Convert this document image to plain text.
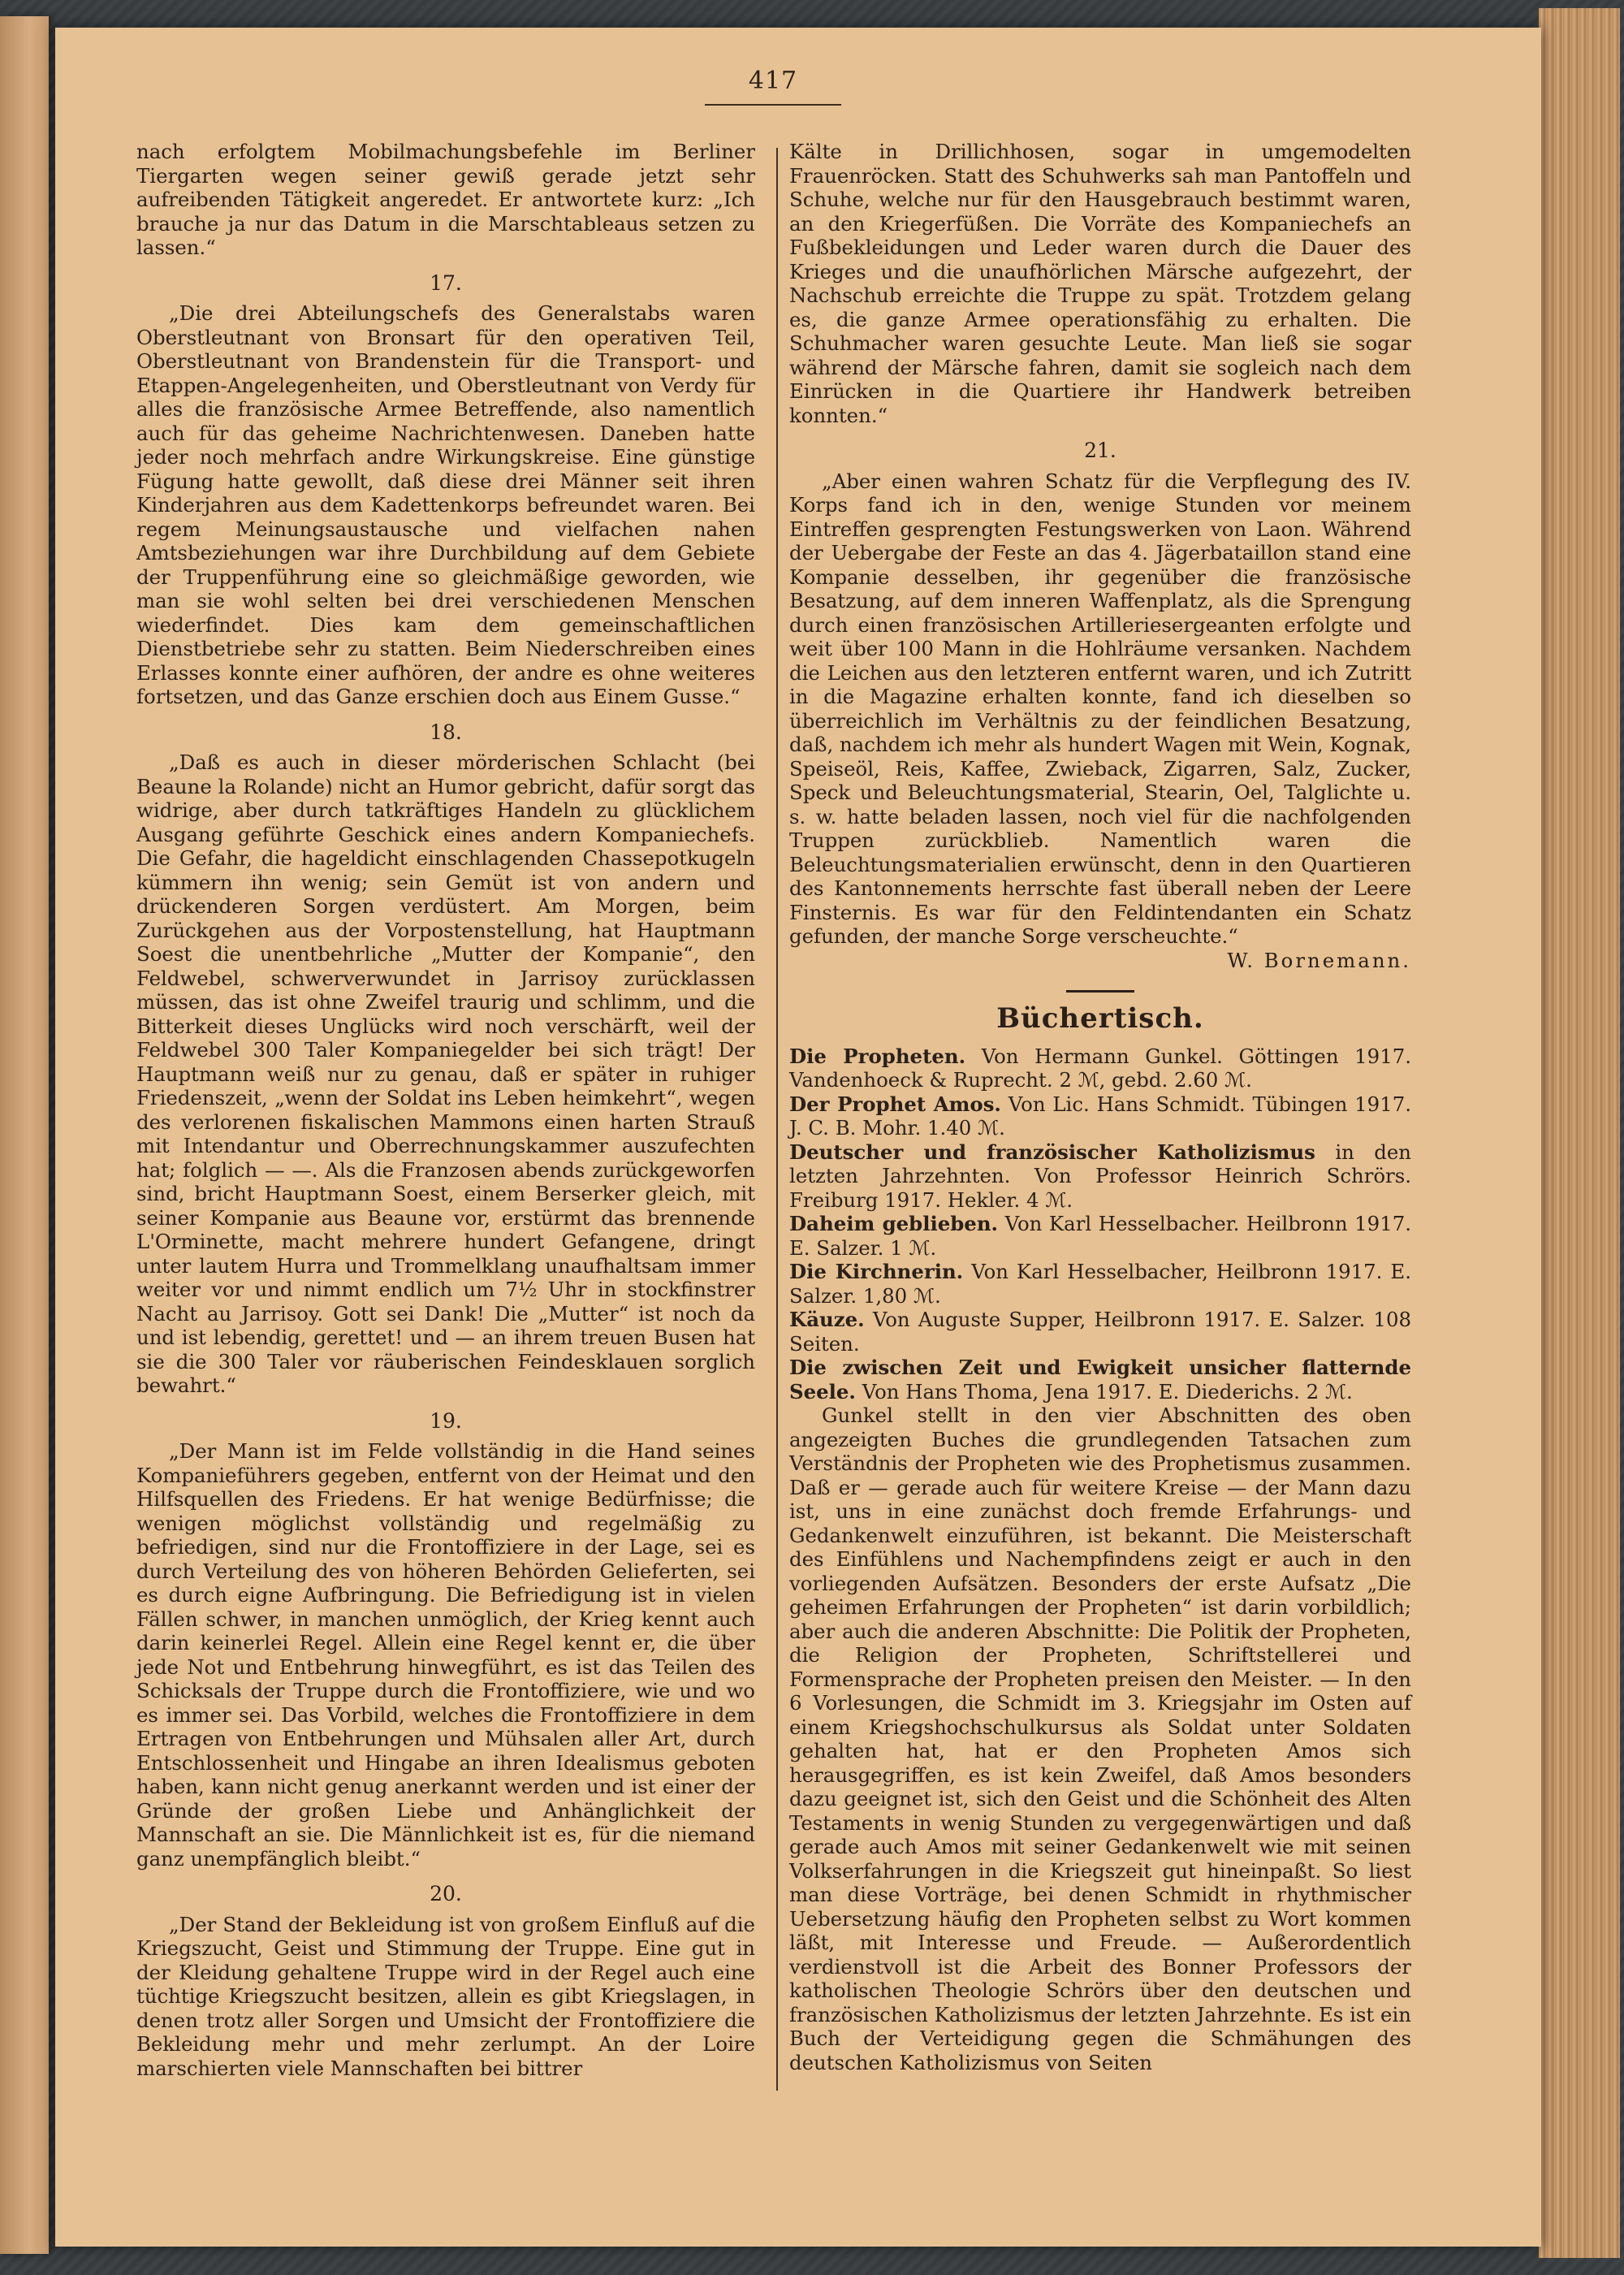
417

nach erfolgtem Mobilmachungsbefehle im Berliner Tiergarten wegen seiner gewiß gerade jetzt sehr aufreibenden Tätigkeit angeredet. Er antwortete kurz: „Ich brauche ja nur das Datum in die Marschtableaus setzen zu lassen.“

17.

„Die drei Abteilungschefs des Generalstabs waren Oberstleutnant von Bronsart für den operativen Teil, Oberstleutnant von Brandenstein für die Transport- und Etappen-Angelegenheiten, und Oberstleutnant von Verdy für alles die französische Armee Betreffende, also namentlich auch für das geheime Nachrichtenwesen. Daneben hatte jeder noch mehrfach andre Wirkungskreise. Eine günstige Fügung hatte gewollt, daß diese drei Männer seit ihren Kinderjahren aus dem Kadettenkorps befreundet waren. Bei regem Meinungsaustausche und vielfachen nahen Amtsbeziehungen war ihre Durchbildung auf dem Gebiete der Truppenführung eine so gleichmäßige geworden, wie man sie wohl selten bei drei verschiedenen Menschen wiederfindet. Dies kam dem gemeinschaftlichen Dienstbetriebe sehr zu statten. Beim Niederschreiben eines Erlasses konnte einer aufhören, der andre es ohne weiteres fortsetzen, und das Ganze erschien doch aus Einem Gusse.“

18.

„Daß es auch in dieser mörderischen Schlacht (bei Beaune la Rolande) nicht an Humor gebricht, dafür sorgt das widrige, aber durch tatkräftiges Handeln zu glücklichem Ausgang geführte Geschick eines andern Kompaniechefs. Die Gefahr, die hageldicht einschlagenden Chassepotkugeln kümmern ihn wenig; sein Gemüt ist von andern und drückenderen Sorgen verdüstert. Am Morgen, beim Zurückgehen aus der Vorpostenstellung, hat Hauptmann Soest die unentbehrliche „Mutter der Kompanie“, den Feldwebel, schwerverwundet in Jarrisoy zurücklassen müssen, das ist ohne Zweifel traurig und schlimm, und die Bitterkeit dieses Unglücks wird noch verschärft, weil der Feldwebel 300 Taler Kompaniegelder bei sich trägt! Der Hauptmann weiß nur zu genau, daß er später in ruhiger Friedenszeit, „wenn der Soldat ins Leben heimkehrt“, wegen des verlorenen fiskalischen Mammons einen harten Strauß mit Intendantur und Oberrechnungskammer auszufechten hat; folglich — —. Als die Franzosen abends zurückgeworfen sind, bricht Hauptmann Soest, einem Berserker gleich, mit seiner Kompanie aus Beaune vor, erstürmt das brennende L'Orminette, macht mehrere hundert Gefangene, dringt unter lautem Hurra und Trommelklang unaufhaltsam immer weiter vor und nimmt endlich um 7½ Uhr in stockfinstrer Nacht au Jarrisoy. Gott sei Dank! Die „Mutter“ ist noch da und ist lebendig, gerettet! und — an ihrem treuen Busen hat sie die 300 Taler vor räuberischen Feindesklauen sorglich bewahrt.“

19.

„Der Mann ist im Felde vollständig in die Hand seines Kompanieführers gegeben, entfernt von der Heimat und den Hilfsquellen des Friedens. Er hat wenige Bedürfnisse; die wenigen möglichst vollständig und regelmäßig zu befriedigen, sind nur die Frontoffiziere in der Lage, sei es durch Verteilung des von höheren Behörden Gelieferten, sei es durch eigne Aufbringung. Die Befriedigung ist in vielen Fällen schwer, in manchen unmöglich, der Krieg kennt auch darin keinerlei Regel. Allein eine Regel kennt er, die über jede Not und Entbehrung hinwegführt, es ist das Teilen des Schicksals der Truppe durch die Frontoffiziere, wie und wo es immer sei. Das Vorbild, welches die Frontoffiziere in dem Ertragen von Entbehrungen und Mühsalen aller Art, durch Entschlossenheit und Hingabe an ihren Idealismus geboten haben, kann nicht genug anerkannt werden und ist einer der Gründe der großen Liebe und Anhänglichkeit der Mannschaft an sie. Die Männlichkeit ist es, für die niemand ganz unempfänglich bleibt.“

20.

„Der Stand der Bekleidung ist von großem Einfluß auf die Kriegszucht, Geist und Stimmung der Truppe. Eine gut in der Kleidung gehaltene Truppe wird in der Regel auch eine tüchtige Kriegszucht besitzen, allein es gibt Kriegslagen, in denen trotz aller Sorgen und Umsicht der Frontoffiziere die Bekleidung mehr und mehr zerlumpt. An der Loire marschierten viele Mannschaften bei bittrer

Kälte in Drillichhosen, sogar in umgemodelten Frauenröcken. Statt des Schuhwerks sah man Pantoffeln und Schuhe, welche nur für den Hausgebrauch bestimmt waren, an den Kriegerfüßen. Die Vorräte des Kompaniechefs an Fußbekleidungen und Leder waren durch die Dauer des Krieges und die unaufhörlichen Märsche aufgezehrt, der Nachschub erreichte die Truppe zu spät. Trotzdem gelang es, die ganze Armee operationsfähig zu erhalten. Die Schuhmacher waren gesuchte Leute. Man ließ sie sogar während der Märsche fahren, damit sie sogleich nach dem Einrücken in die Quartiere ihr Handwerk betreiben konnten.“

21.

„Aber einen wahren Schatz für die Verpflegung des IV. Korps fand ich in den, wenige Stunden vor meinem Eintreffen gesprengten Festungswerken von Laon. Während der Uebergabe der Feste an das 4. Jägerbataillon stand eine Kompanie desselben, ihr gegenüber die französische Besatzung, auf dem inneren Waffenplatz, als die Sprengung durch einen französischen Artilleriesergeanten erfolgte und weit über 100 Mann in die Hohlräume versanken. Nachdem die Leichen aus den letzteren entfernt waren, und ich Zutritt in die Magazine erhalten konnte, fand ich dieselben so überreichlich im Verhältnis zu der feindlichen Besatzung, daß, nachdem ich mehr als hundert Wagen mit Wein, Kognak, Speiseöl, Reis, Kaffee, Zwieback, Zigarren, Salz, Zucker, Speck und Beleuchtungsmaterial, Stearin, Oel, Talglichte u. s. w. hatte beladen lassen, noch viel für die nachfolgenden Truppen zurückblieb. Namentlich waren die Beleuchtungsmaterialien erwünscht, denn in den Quartieren des Kantonnements herrschte fast überall neben der Leere Finsternis. Es war für den Feldintendanten ein Schatz gefunden, der manche Sorge verscheuchte.“

W. Bornemann.
Büchertisch.

Die Propheten. Von Hermann Gunkel. Göttingen 1917. Vandenhoeck & Ruprecht. 2 ℳ, gebd. 2.60 ℳ.

Der Prophet Amos. Von Lic. Hans Schmidt. Tübingen 1917. J. C. B. Mohr. 1.40 ℳ.

Deutscher und französischer Katholizismus in den letzten Jahrzehnten. Von Professor Heinrich Schrörs. Freiburg 1917. Hekler. 4 ℳ.

Daheim geblieben. Von Karl Hesselbacher. Heilbronn 1917. E. Salzer. 1 ℳ.

Die Kirchnerin. Von Karl Hesselbacher, Heilbronn 1917. E. Salzer. 1,80 ℳ.

Käuze. Von Auguste Supper, Heilbronn 1917. E. Salzer. 108 Seiten.

Die zwischen Zeit und Ewigkeit unsicher flatternde Seele. Von Hans Thoma, Jena 1917. E. Diederichs. 2 ℳ.

Gunkel stellt in den vier Abschnitten des oben angezeigten Buches die grundlegenden Tatsachen zum Verständnis der Propheten wie des Prophetismus zusammen. Daß er — gerade auch für weitere Kreise — der Mann dazu ist, uns in eine zunächst doch fremde Erfahrungs- und Gedankenwelt einzuführen, ist bekannt. Die Meisterschaft des Einfühlens und Nachempfindens zeigt er auch in den vorliegenden Aufsätzen. Besonders der erste Aufsatz „Die geheimen Erfahrungen der Propheten“ ist darin vorbildlich; aber auch die anderen Abschnitte: Die Politik der Propheten, die Religion der Propheten, Schriftstellerei und Formensprache der Propheten preisen den Meister. — In den 6 Vorlesungen, die Schmidt im 3. Kriegsjahr im Osten auf einem Kriegshochschulkursus als Soldat unter Soldaten gehalten hat, hat er den Propheten Amos sich herausgegriffen, es ist kein Zweifel, daß Amos besonders dazu geeignet ist, sich den Geist und die Schönheit des Alten Testaments in wenig Stunden zu vergegenwärtigen und daß gerade auch Amos mit seiner Gedankenwelt wie mit seinen Volkserfahrungen in die Kriegszeit gut hineinpaßt. So liest man diese Vorträge, bei denen Schmidt in rhythmischer Uebersetzung häufig den Propheten selbst zu Wort kommen läßt, mit Interesse und Freude. — Außerordentlich verdienstvoll ist die Arbeit des Bonner Professors der katholischen Theologie Schrörs über den deutschen und französischen Katholizismus der letzten Jahrzehnte. Es ist ein Buch der Verteidigung gegen die Schmähungen des deutschen Katholizismus von Seiten
